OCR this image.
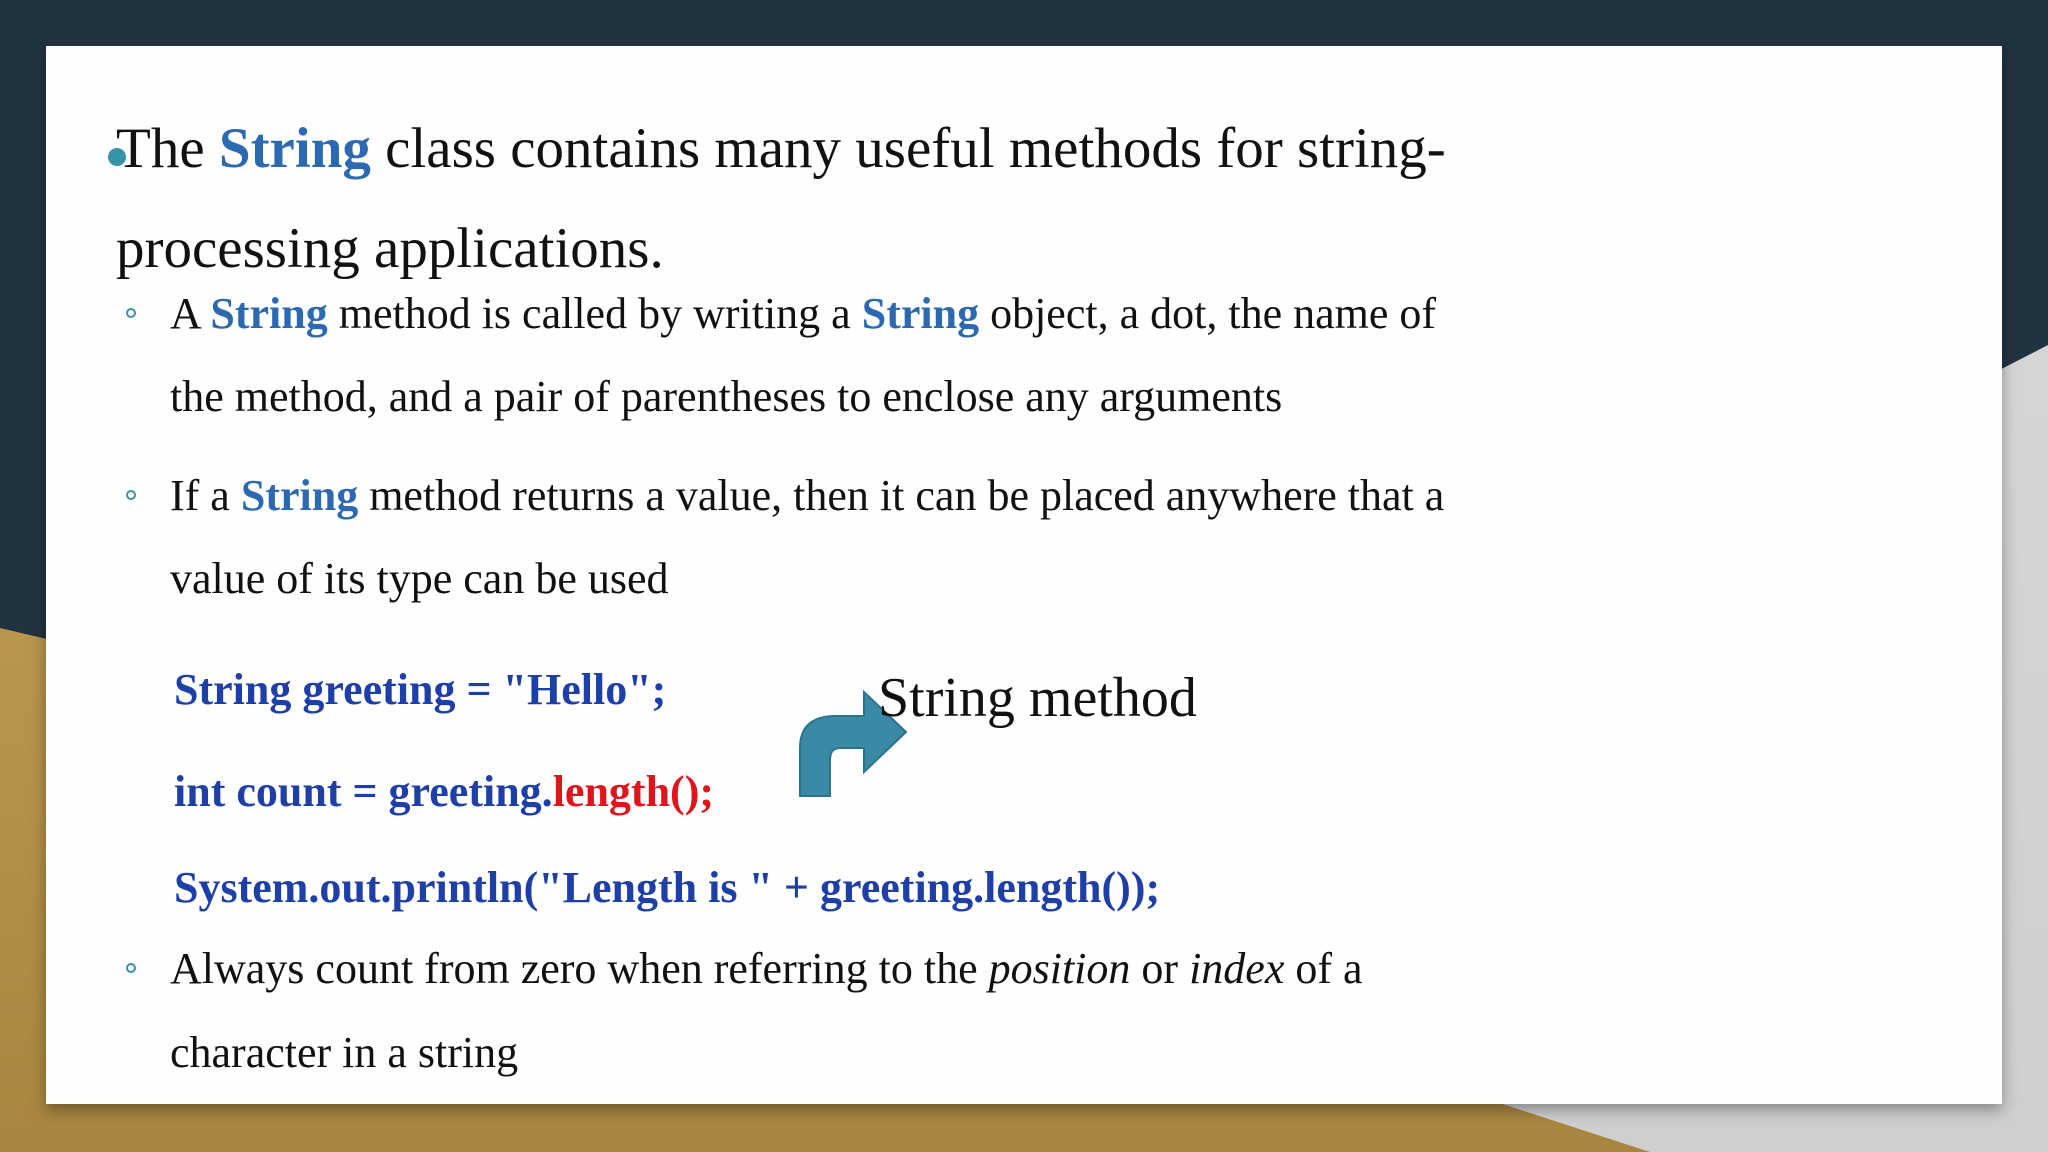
The String class contains many useful methods for string-
processing applications.
A String method is called by writing a String object, a dot, the name of
the method, and a pair of parentheses to enclose any arguments
If a String method returns a value, then it can be placed anywhere that a
value of its type can be used
String greeting = "Hello";	String method
int count = greeting.length();
System.out.println("Length is " + greeting.length());
Always count from zero when referring to the position or index of a
character in a string
